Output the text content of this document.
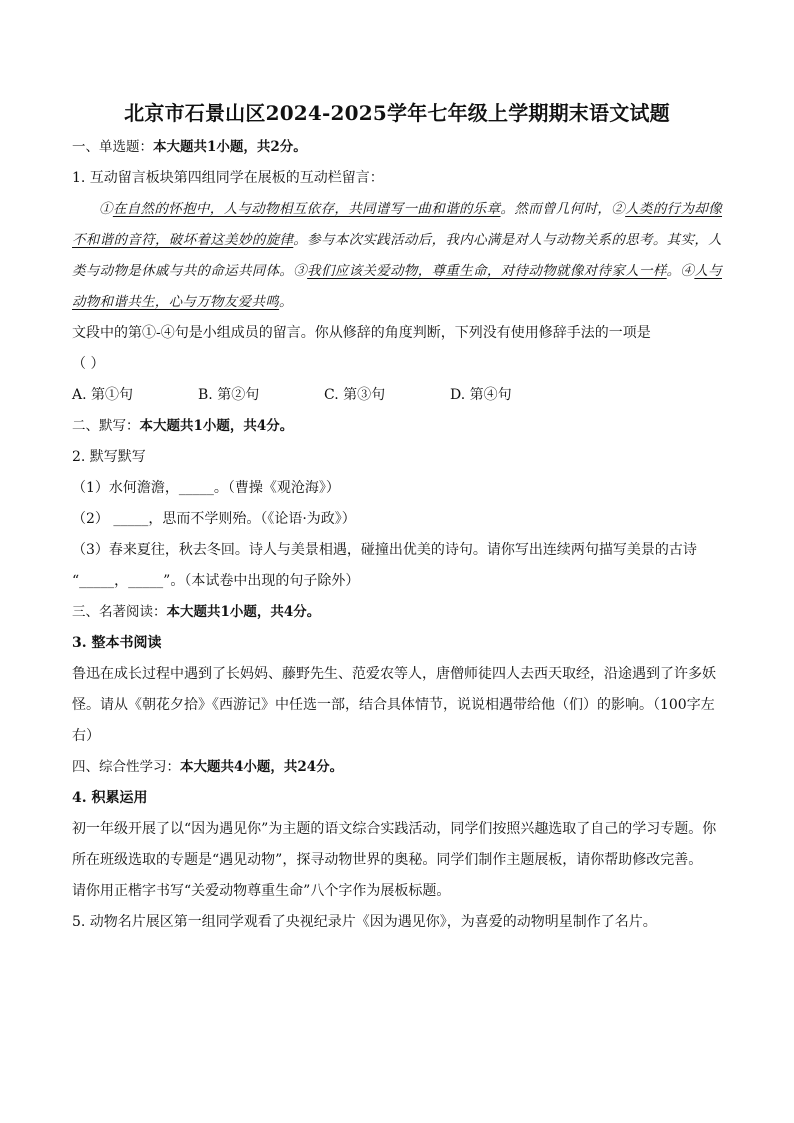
北京市石景山区2024-2025学年七年级上学期期末语文试题
一、单选题：本大题共1小题，共2分。
1. 互动留言板块第四组同学在展板的互动栏留言：
①在自然的怀抱中，人与动物相互依存，共同谱写一曲和谐的乐章。然而曾几何时，②人类的行为却像不和谐的音符，破坏着这美妙的旋律。参与本次实践活动后，我内心满是对人与动物关系的思考。其实，人类与动物是休戚与共的命运共同体。③我们应该关爱动物，尊重生命，对待动物就像对待家人一样。④人与动物和谐共生，心与万物友爱共鸣。
文段中的第①-④句是小组成员的留言。你从修辞的角度判断，下列没有使用修辞手法的一项是
（ ）
A. 第①句	B. 第②句	C. 第③句	D. 第④句
二、默写：本大题共1小题，共4分。
2. 默写默写
（1）水何澹澹，_____。（曹操《观沧海》）
（2） _____，思而不学则殆。（《论语·为政》）
（3）春来夏往，秋去冬回。诗人与美景相遇，碰撞出优美的诗句。请你写出连续两句描写美景的古诗
“_____，_____”。（本试卷中出现的句子除外）
三、名著阅读：本大题共1小题，共4分。
3. 整本书阅读
鲁迅在成长过程中遇到了长妈妈、藤野先生、范爱农等人，唐僧师徒四人去西天取经，沿途遇到了许多妖怪。请从《朝花夕拾》《西游记》中任选一部，结合具体情节，说说相遇带给他（们）的影响。（100字左右）
四、综合性学习：本大题共4小题，共24分。
4. 积累运用
初一年级开展了以“因为遇见你”为主题的语文综合实践活动，同学们按照兴趣选取了自己的学习专题。你所在班级选取的专题是“遇见动物”，探寻动物世界的奥秘。同学们制作主题展板，请你帮助修改完善。
请你用正楷字书写“关爱动物尊重生命”八个字作为展板标题。
5. 动物名片展区第一组同学观看了央视纪录片《因为遇见你》，为喜爱的动物明星制作了名片。
